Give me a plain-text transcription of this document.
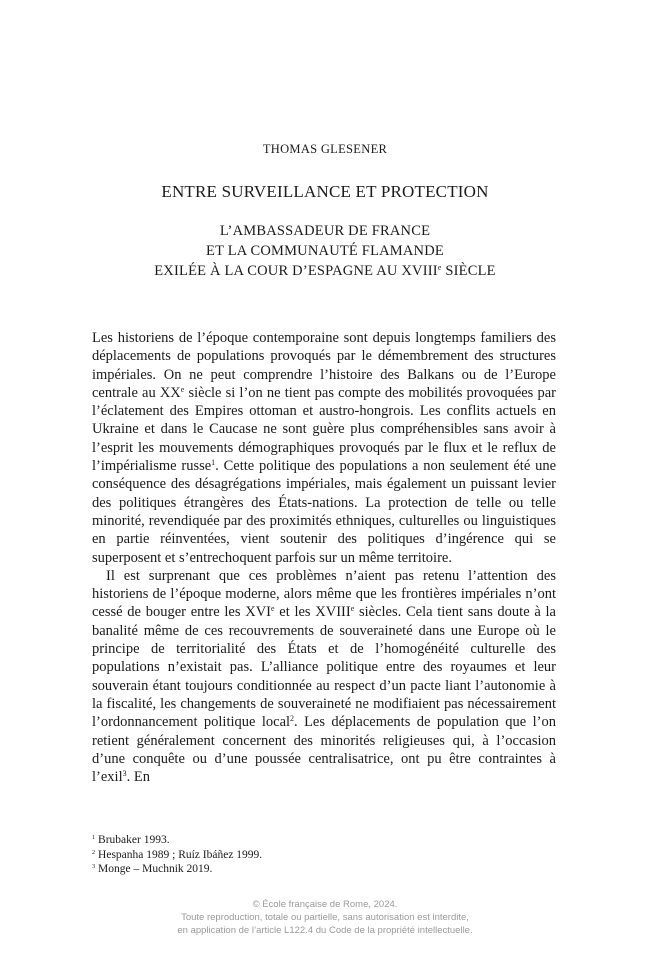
THOMAS GLESENER
ENTRE SURVEILLANCE ET PROTECTION
L’AMBASSADEUR DE FRANCE
ET LA COMMUNAUTÉ FLAMANDE
EXILÉE À LA COUR D’ESPAGNE AU XVIIIe SIÈCLE

Les historiens de l’époque contemporaine sont depuis longtemps familiers des déplacements de populations provoqués par le démembrement des structures impériales. On ne peut comprendre l’histoire des Balkans ou de l’Europe centrale au XXe siècle si l’on ne tient pas compte des mobilités provoquées par l’éclatement des Empires ottoman et austro-hongrois. Les conflits actuels en Ukraine et dans le Caucase ne sont guère plus compréhensibles sans avoir à l’esprit les mouvements démographiques provoqués par le flux et le reflux de l’impérialisme russe$^1$. Cette politique des populations a non seulement été une conséquence des désagrégations impériales, mais également un puissant levier des politiques étrangères des États-nations. La protection de telle ou telle minorité, revendiquée par des proximités ethniques, culturelles ou linguistiques en partie réinventées, vient soutenir des politiques d’ingérence qui se superposent et s’entrechoquent parfois sur un même territoire.

Il est surprenant que ces problèmes n’aient pas retenu l’attention des historiens de l’époque moderne, alors même que les frontières impériales n’ont cessé de bouger entre les XVIe et les XVIIIe siècles. Cela tient sans doute à la banalité même de ces recouvrements de souveraineté dans une Europe où le principe de territorialité des États et de l’homogénéité culturelle des populations n’existait pas. L’alliance politique entre des royaumes et leur souverain étant toujours conditionnée au respect d’un pacte liant l’autonomie à la fiscalité, les changements de souveraineté ne modifiaient pas nécessairement l’ordonnancement politique local$^2$. Les déplacements de population que l’on retient généralement concernent des minorités religieuses qui, à l’occasion d’une conquête ou d’une poussée centralisatrice, ont pu être contraintes à l’exil$^3$. En

$^1$ Brubaker 1993.
$^2$ Hespanha 1989 ; Ruíz Ibáñez 1999.
$^3$ Monge – Muchnik 2019.
© École française de Rome, 2024.
Toute reproduction, totale ou partielle, sans autorisation est interdite,
en application de l’article L122.4 du Code de la propriété intellectuelle.
